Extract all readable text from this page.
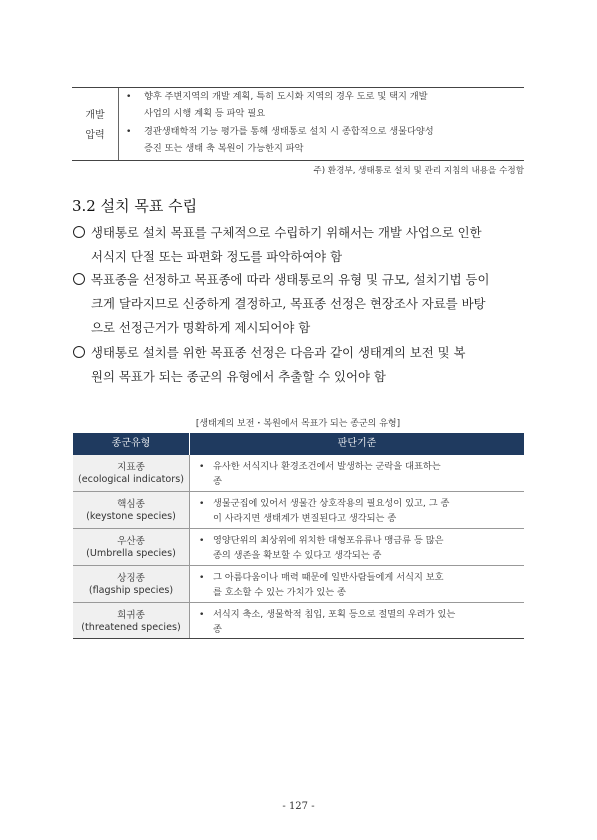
개발
압력
• 향후 주변지역의 개발 계획, 특히 도시화 지역의 경우 도로 및 택지 개발
사업의 시행 계획 등 파악 필요
• 경관생태학적 기능 평가를 통해 생태통로 설치 시 종합적으로 생물다양성
증진 또는 생태 축 복원이 가능한지 파악
주) 환경부, 생태통로 설치 및 관리 지침의 내용을 수정함
3.2 설치 목표 수립
생태통로 설치 목표를 구체적으로 수립하기 위해서는 개발 사업으로 인한
서식지 단절 또는 파편화 정도를 파악하여야 함
목표종을 선정하고 목표종에 따라 생태통로의 유형 및 규모, 설치기법 등이
크게 달라지므로 신중하게 결정하고, 목표종 선정은 현장조사 자료를 바탕
으로 선정근거가 명확하게 제시되어야 함
생태통로 설치를 위한 목표종 선정은 다음과 같이 생태계의 보전 및 복
원의 목표가 되는 종군의 유형에서 추출할 수 있어야 함
[생태계의 보전・복원에서 목표가 되는 종군의 유형]
종군유형	판단기준
지표종
(ecological indicators)
• 유사한 서식지나 환경조건에서 발생하는 군락을 대표하는
종
핵심종
(keystone species)
• 생물군집에 있어서 생물간 상호작용의 필요성이 있고, 그 종
이 사라지면 생태계가 변질된다고 생각되는 종
우산종
(Umbrella species)
• 영양단위의 최상위에 위치한 대형포유류나 맹금류 등 많은
종의 생존을 확보할 수 있다고 생각되는 종
상징종
(flagship species)
• 그 아름다움이나 매력 때문에 일반사람들에게 서식지 보호
를 호소할 수 있는 가치가 있는 종
희귀종
(threatened species)
• 서식지 축소, 생물학적 침입, 포획 등으로 절멸의 우려가 있는
종
- 127 -
